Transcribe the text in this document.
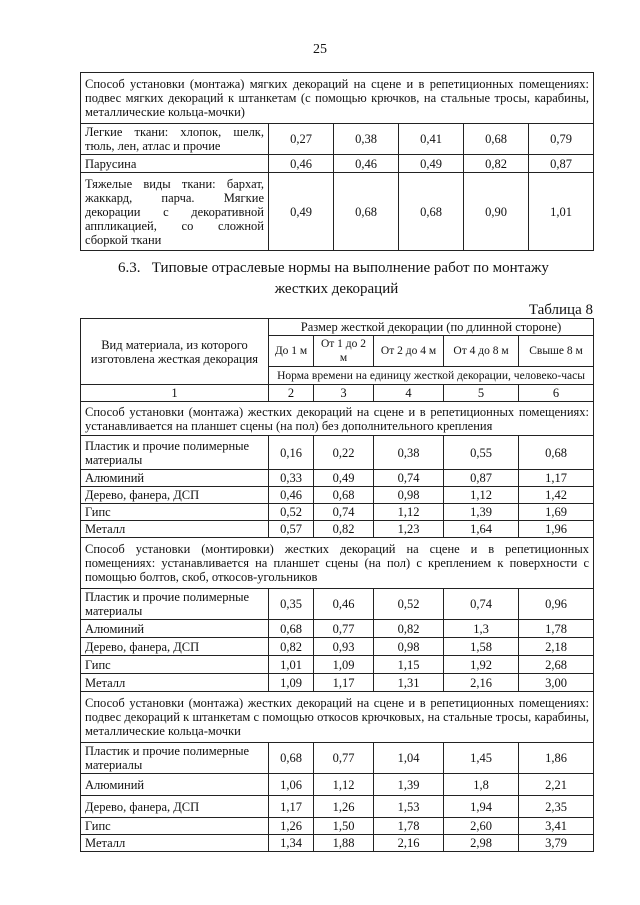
25
Способ установки (монтажа) мягких декораций на сцене и в репетиционных помещениях: подвес мягких декораций к штанкетам (с помощью крючков, на стальные тросы, карабины, металлические кольца-мочки)					
Легкие ткани: хлопок, шелк, тюль, лен, атлас и прочие	0,27	0,38	0,41	0,68	0,79
Парусина	0,46	0,46	0,49	0,82	0,87
Тяжелые виды ткани: бархат, жаккард, парча. Мягкие декорации с декоративной аппликацией, со сложной сборкой ткани	0,49	0,68	0,68	0,90	1,01
6.3. Типовые отраслевые нормы на выполнение работ по монтажу
жестких декораций
Таблица 8
Вид материала, из которого изготовлена жесткая декорация	Размер жесткой декорации (по длинной стороне)				
	До 1 м	От 1 до 2 м	От 2 до 4 м	От 4 до 8 м	Свыше 8 м
	Норма времени на единицу жесткой декорации, человеко-часы				
1	2	3	4	5	6
Способ установки (монтажа) жестких декораций на сцене и в репетиционных помещениях: устанавливается на планшет сцены (на пол) без дополнительного крепления					
Пластик и прочие полимерные материалы	0,16	0,22	0,38	0,55	0,68
Алюминий	0,33	0,49	0,74	0,87	1,17
Дерево, фанера, ДСП	0,46	0,68	0,98	1,12	1,42
Гипс	0,52	0,74	1,12	1,39	1,69
Металл	0,57	0,82	1,23	1,64	1,96
Способ установки (монтировки) жестких декораций на сцене и в репетиционных помещениях: устанавливается на планшет сцены (на пол) с креплением к поверхности с помощью болтов, скоб, откосов-угольников					
Пластик и прочие полимерные материалы	0,35	0,46	0,52	0,74	0,96
Алюминий	0,68	0,77	0,82	1,3	1,78
Дерево, фанера, ДСП	0,82	0,93	0,98	1,58	2,18
Гипс	1,01	1,09	1,15	1,92	2,68
Металл	1,09	1,17	1,31	2,16	3,00
Способ установки (монтажа) жестких декораций на сцене и в репетиционных помещениях: подвес декораций к штанкетам с помощью откосов крючковых, на стальные тросы, карабины, металлические кольца-мочки					
Пластик и прочие полимерные материалы	0,68	0,77	1,04	1,45	1,86
Алюминий	1,06	1,12	1,39	1,8	2,21
Дерево, фанера, ДСП	1,17	1,26	1,53	1,94	2,35
Гипс	1,26	1,50	1,78	2,60	3,41
Металл	1,34	1,88	2,16	2,98	3,79
